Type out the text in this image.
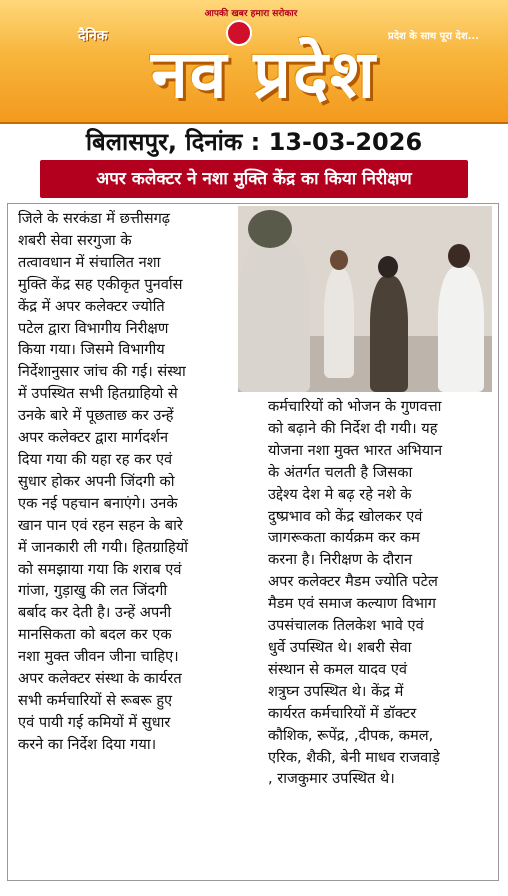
दैनिक
आपकी खबर हमारा सरोकार
प्रदेश के साथ पूरा देश...
नव प्रदेश
बिलासपुर, दिनांक : 13-03-2026
अपर कलेक्टर ने नशा मुक्ति केंद्र का किया निरीक्षण
जिले के सरकंडा में छत्तीसगढ़
शबरी सेवा सरगुजा के
तत्वावधान में संचालित नशा
मुक्ति केंद्र सह एकीकृत पुनर्वास
केंद्र में अपर कलेक्टर ज्योति
पटेल द्वारा विभागीय निरीक्षण
किया गया। जिसमे विभागीय
निर्देशानुसार जांच की गई। संस्था
में उपस्थित सभी हितग्राहियो से
उनके बारे में पूछताछ कर उन्हें
अपर कलेक्टर द्वारा मार्गदर्शन
दिया गया की यहा रह कर एवं
सुधार होकर अपनी जिंदगी को
एक नई पहचान बनाएंगे। उनके
खान पान एवं रहन सहन के बारे
में जानकारी ली गयी। हितग्राहियों
को समझाया गया कि शराब एवं
गांजा, गुड़ाखु की लत जिंदगी
बर्बाद कर देती है। उन्हें अपनी
मानसिकता को बदल कर एक
नशा मुक्त जीवन जीना चाहिए।
अपर कलेक्टर संस्था के कार्यरत
सभी कर्मचारियों से रूबरू हुए
एवं पायी गई कमियों में सुधार
करने का निर्देश दिया गया।
कर्मचारियों को भोजन के गुणवत्ता
को बढ़ाने की निर्देश दी गयी। यह
योजना नशा मुक्त भारत अभियान
के अंतर्गत चलती है जिसका
उद्देश्य देश मे बढ़ रहे नशे के
दुष्प्रभाव को केंद्र खोलकर एवं
जागरूकता कार्यक्रम कर कम
करना है। निरीक्षण के दौरान
अपर कलेक्टर मैडम ज्योति पटेल
मैडम एवं समाज कल्याण विभाग
उपसंचालक तिलकेश भावे एवं
धुर्वे उपस्थित थे। शबरी सेवा
संस्थान से कमल यादव एवं
शत्रुघ्न उपस्थित थे। केंद्र में
कार्यरत कर्मचारियों में डॉक्टर
कौशिक, रूपेंद्र, ,दीपक, कमल,
एरिक, शैकी, बेनी माधव राजवाड़े
, राजकुमार उपस्थित थे।
